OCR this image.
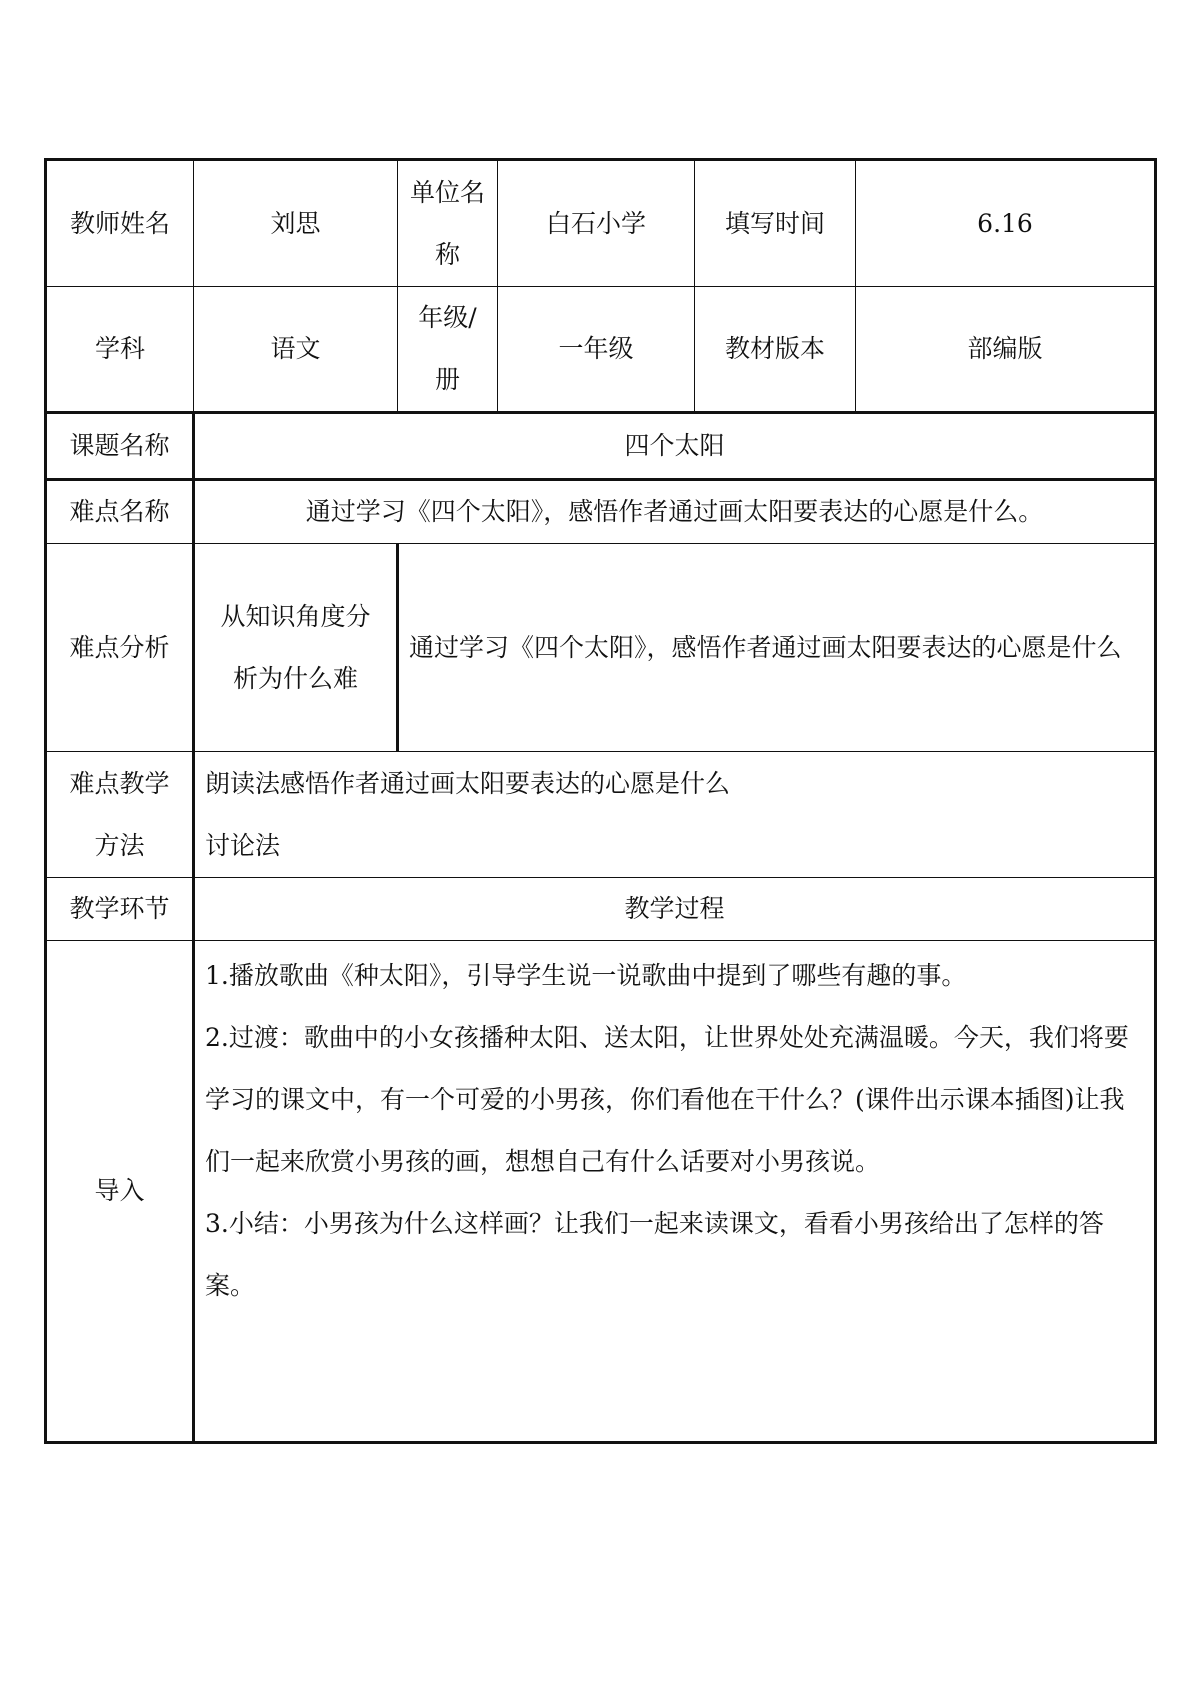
教师姓名	刘思	单位名称	白石小学	填写时间	6.16
学科	语文	年级/册	一年级	教材版本	部编版
课题名称	四个太阳				
难点名称	通过学习《四个太阳》，感悟作者通过画太阳要表达的心愿是什么。				
难点分析	从知识角度分析为什么难	通过学习《四个太阳》，感悟作者通过画太阳要表达的心愿是什么			
难点教学方法	朗读法感悟作者通过画太阳要表达的心愿是什么
讨论法				

教学环节	教学过程				
导入	1.播放歌曲《种太阳》，引导学生说一说歌曲中提到了哪些有趣的事。
2.过渡：歌曲中的小女孩播种太阳、送太阳，让世界处处充满温暖。今天，我们将要学习的课文中，有一个可爱的小男孩，你们看他在干什么？(课件出示课本插图)让我们一起来欣赏小男孩的画，想想自己有什么话要对小男孩说。
3.小结：小男孩为什么这样画？让我们一起来读课文，看看小男孩给出了怎样的答案。				
